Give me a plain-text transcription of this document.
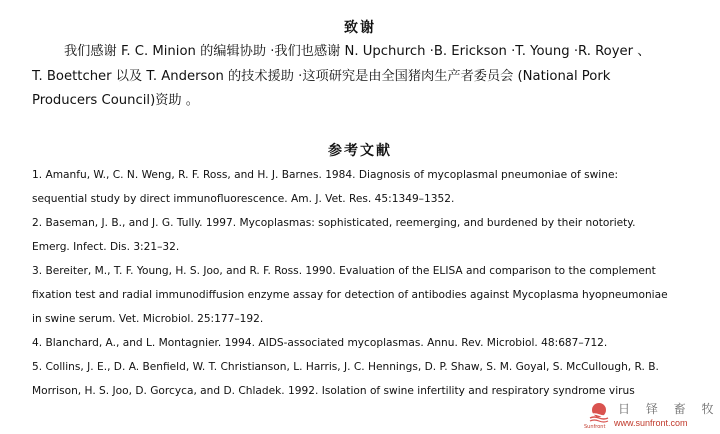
致谢
我们感谢 F. C. Minion 的编辑协助 ·我们也感谢 N. Upchurch ·B. Erickson ·T. Young ·R. Royer 、
T. Boettcher 以及 T. Anderson 的技术援助 ·这项研究是由全国猪肉生产者委员会 (National Pork
Producers Council)资助 。
参考文献
1. Amanfu, W., C. N. Weng, R. F. Ross, and H. J. Barnes. 1984. Diagnosis of mycoplasmal pneumoniae of swine:
sequential study by direct immunofluorescence. Am. J. Vet. Res. 45:1349–1352.
2. Baseman, J. B., and J. G. Tully. 1997. Mycoplasmas: sophisticated, reemerging, and burdened by their notoriety.
Emerg. Infect. Dis. 3:21–32.
3. Bereiter, M., T. F. Young, H. S. Joo, and R. F. Ross. 1990. Evaluation of the ELISA and comparison to the complement
fixation test and radial immunodiffusion enzyme assay for detection of antibodies against Mycoplasma hyopneumoniae
in swine serum. Vet. Microbiol. 25:177–192.
4. Blanchard, A., and L. Montagnier. 1994. AIDS-associated mycoplasmas. Annu. Rev. Microbiol. 48:687–712.
5. Collins, J. E., D. A. Benfield, W. T. Christianson, L. Harris, J. C. Hennings, D. P. Shaw, S. M. Goyal, S. McCullough, R. B.
Morrison, H. S. Joo, D. Gorcyca, and D. Chladek. 1992. Isolation of swine infertility and respiratory syndrome virus
日 铎 畜 牧
www.sunfront.com
Sunfront
